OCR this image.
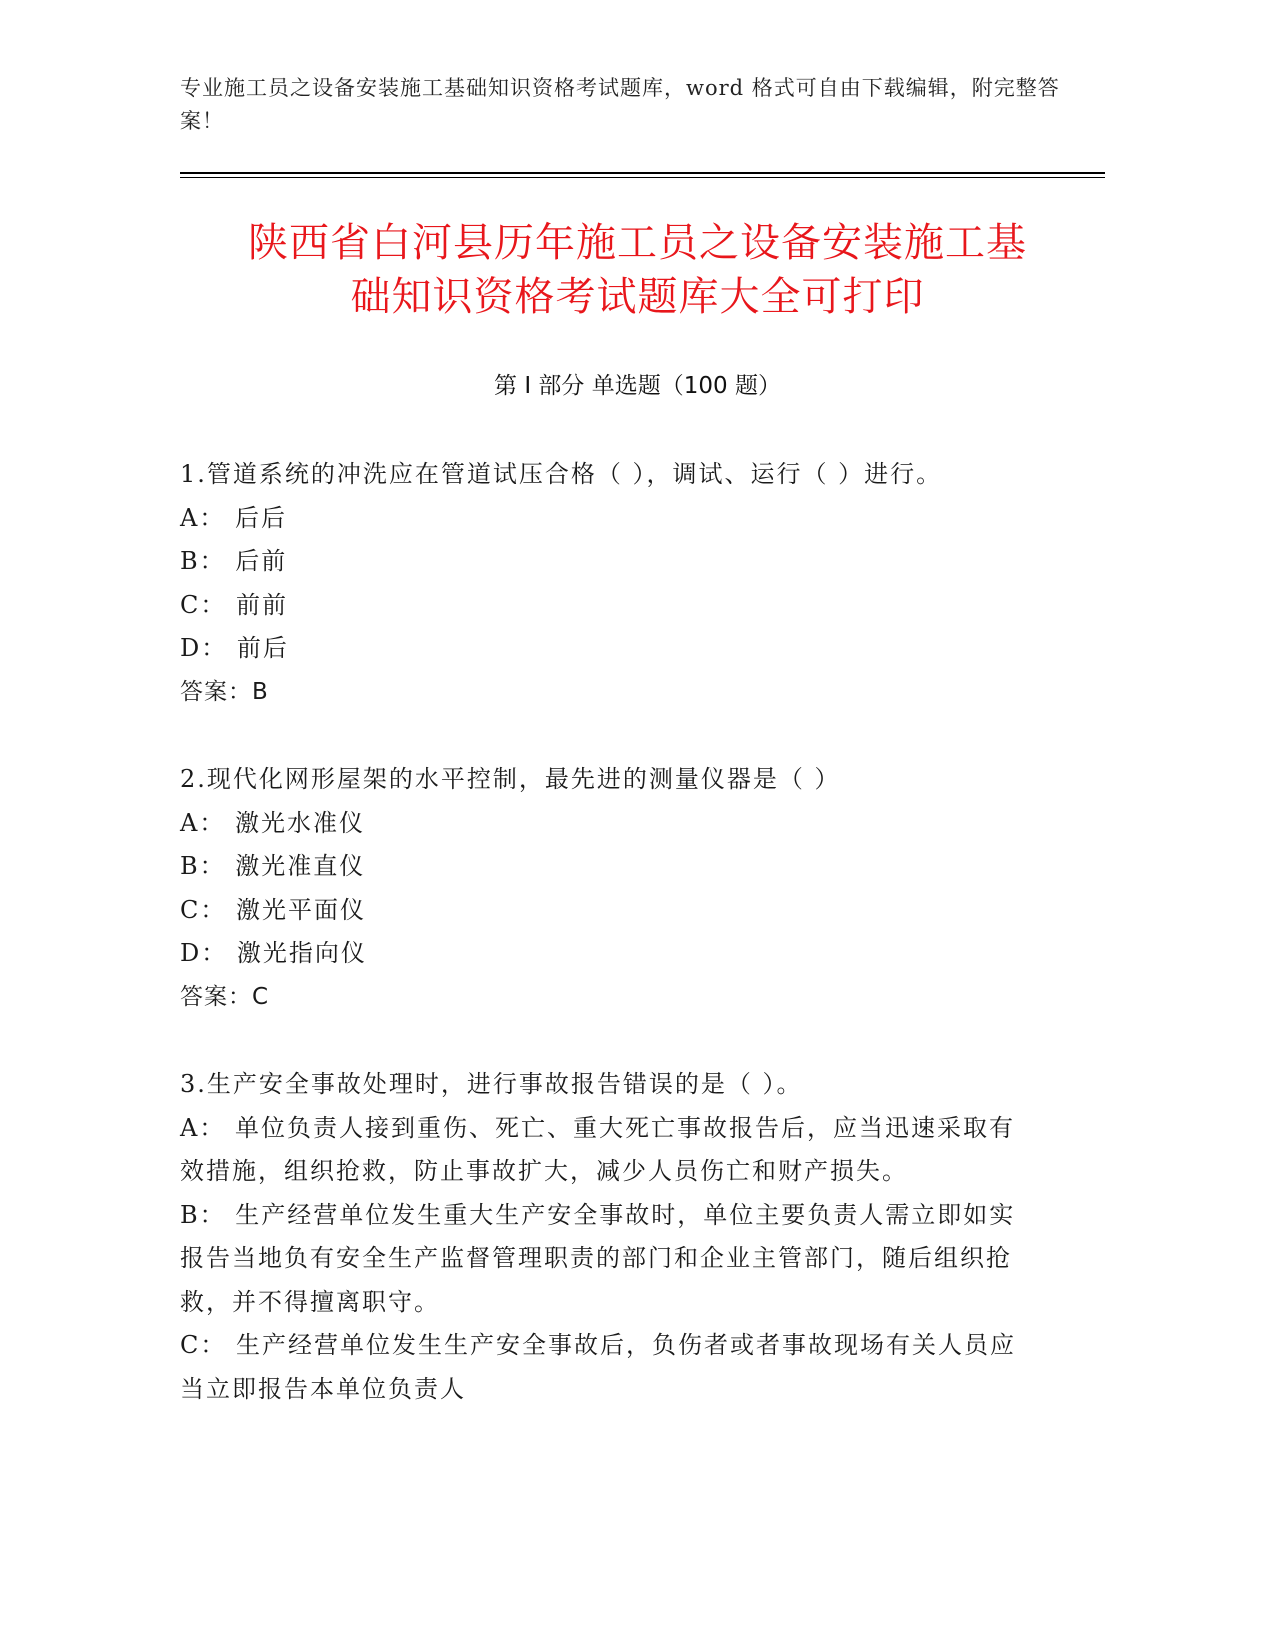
专业施工员之设备安装施工基础知识资格考试题库，word 格式可自由下载编辑，附完整答案！
陕西省白河县历年施工员之设备安装施工基
础知识资格考试题库大全可打印
第 I 部分 单选题（100 题）
1.管道系统的冲洗应在管道试压合格（ ），调试、运行（ ）进行。
A： 后后
B： 后前
C： 前前
D： 前后
答案：B
2.现代化网形屋架的水平控制，最先进的测量仪器是（ ）
A： 激光水准仪
B： 激光准直仪
C： 激光平面仪
D： 激光指向仪
答案：C
3.生产安全事故处理时，进行事故报告错误的是（ ）。
A： 单位负责人接到重伤、死亡、重大死亡事故报告后，应当迅速采取有效措施，组织抢救，防止事故扩大，减少人员伤亡和财产损失。
B： 生产经营单位发生重大生产安全事故时，单位主要负责人需立即如实报告当地负有安全生产监督管理职责的部门和企业主管部门，随后组织抢救，并不得擅离职守。
C： 生产经营单位发生生产安全事故后，负伤者或者事故现场有关人员应当立即报告本单位负责人
